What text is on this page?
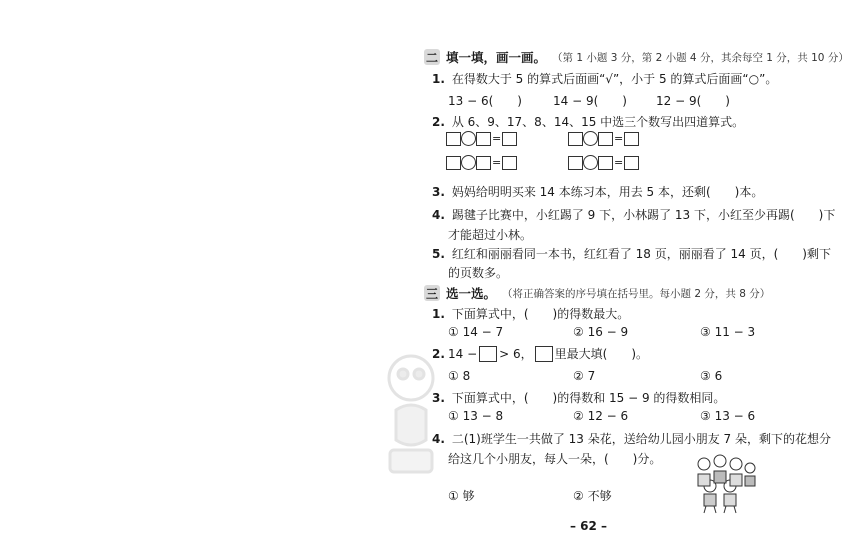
二 填一填，画一画。 （第 1 小题 3 分，第 2 小题 4 分，其余每空 1 分，共 10 分）
1. 在得数大于 5 的算式后面画“√”，小于 5 的算式后面画“○”。
13 − 6(　　)	14 − 9(　　) 12 − 9(　　)
2. 从 6、9、17、8、14、15 中选三个数写出四道算式。
=	=
=	=
3. 妈妈给明明买来 14 本练习本，用去 5 本，还剩(　　)本。
4. 踢毽子比赛中，小红踢了 9 下，小林踢了 13 下，小红至少再踢(　　)下
才能超过小林。
5. 红红和丽丽看同一本书，红红看了 18 页，丽丽看了 14 页，(　　)剩下
的页数多。
三 选一选。 （将正确答案的序号填在括号里。每小题 2 分，共 8 分）
1. 下面算式中，(　　)的得数最大。
① 14 − 7	② 16 − 9	③ 11 − 3
2. 14 − > 6， 里最大填(　　)。
① 8	② 7	③ 6
3. 下面算式中，(　　)的得数和 15 − 9 的得数相同。
① 13 − 8	② 12 − 6	③ 13 − 6
4. 二(1)班学生一共做了 13 朵花，送给幼儿园小朋友 7 朵，剩下的花想分
给这几个小朋友，每人一朵，(　　)分。
① 够	② 不够
– 62 –
